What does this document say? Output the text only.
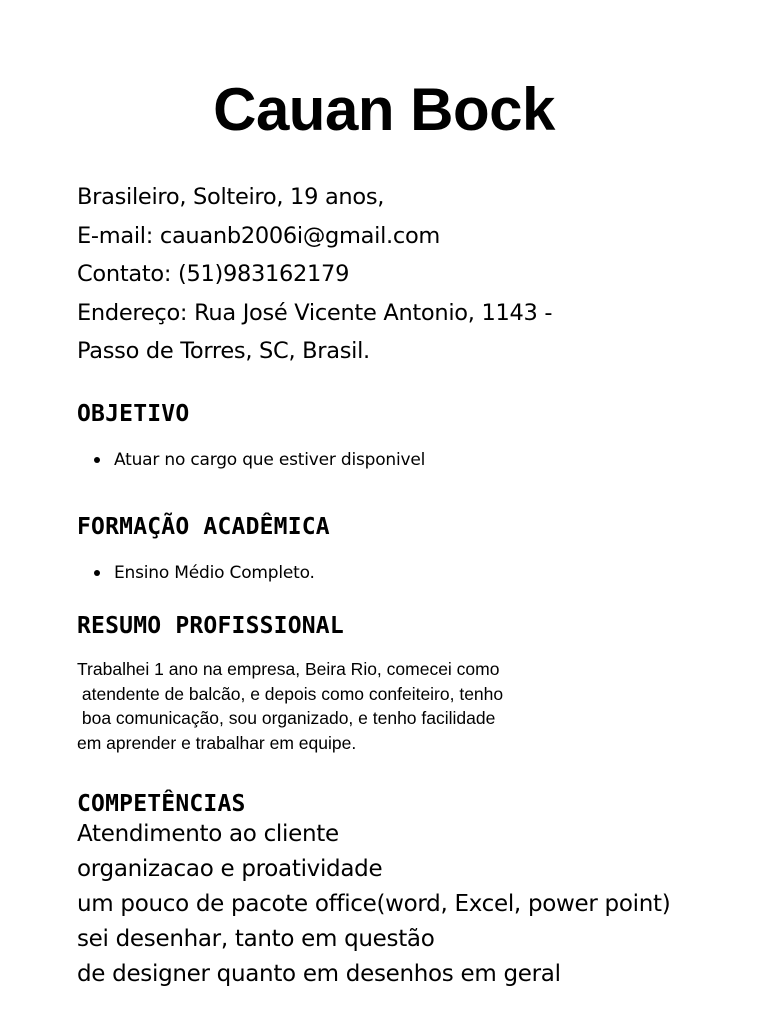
Cauan Bock
Brasileiro, Solteiro, 19 anos,
E-mail: cauanb2006i@gmail.com
Contato: (51)983162179
Endereço: Rua José Vicente Antonio, 1143 -
Passo de Torres, SC, Brasil.
OBJETIVO
Atuar no cargo que estiver disponivel
FORMAÇÃO ACADÊMICA
Ensino Médio Completo.
RESUMO PROFISSIONAL
Trabalhei 1 ano na empresa, Beira Rio, comecei como
atendente de balcão, e depois como confeiteiro, tenho
boa comunicação, sou organizado, e tenho facilidade
em aprender e trabalhar em equipe.
COMPETÊNCIAS
Atendimento ao cliente
organizacao e proatividade
um pouco de pacote office(word, Excel, power point)
sei desenhar, tanto em questão
de designer quanto em desenhos em geral
